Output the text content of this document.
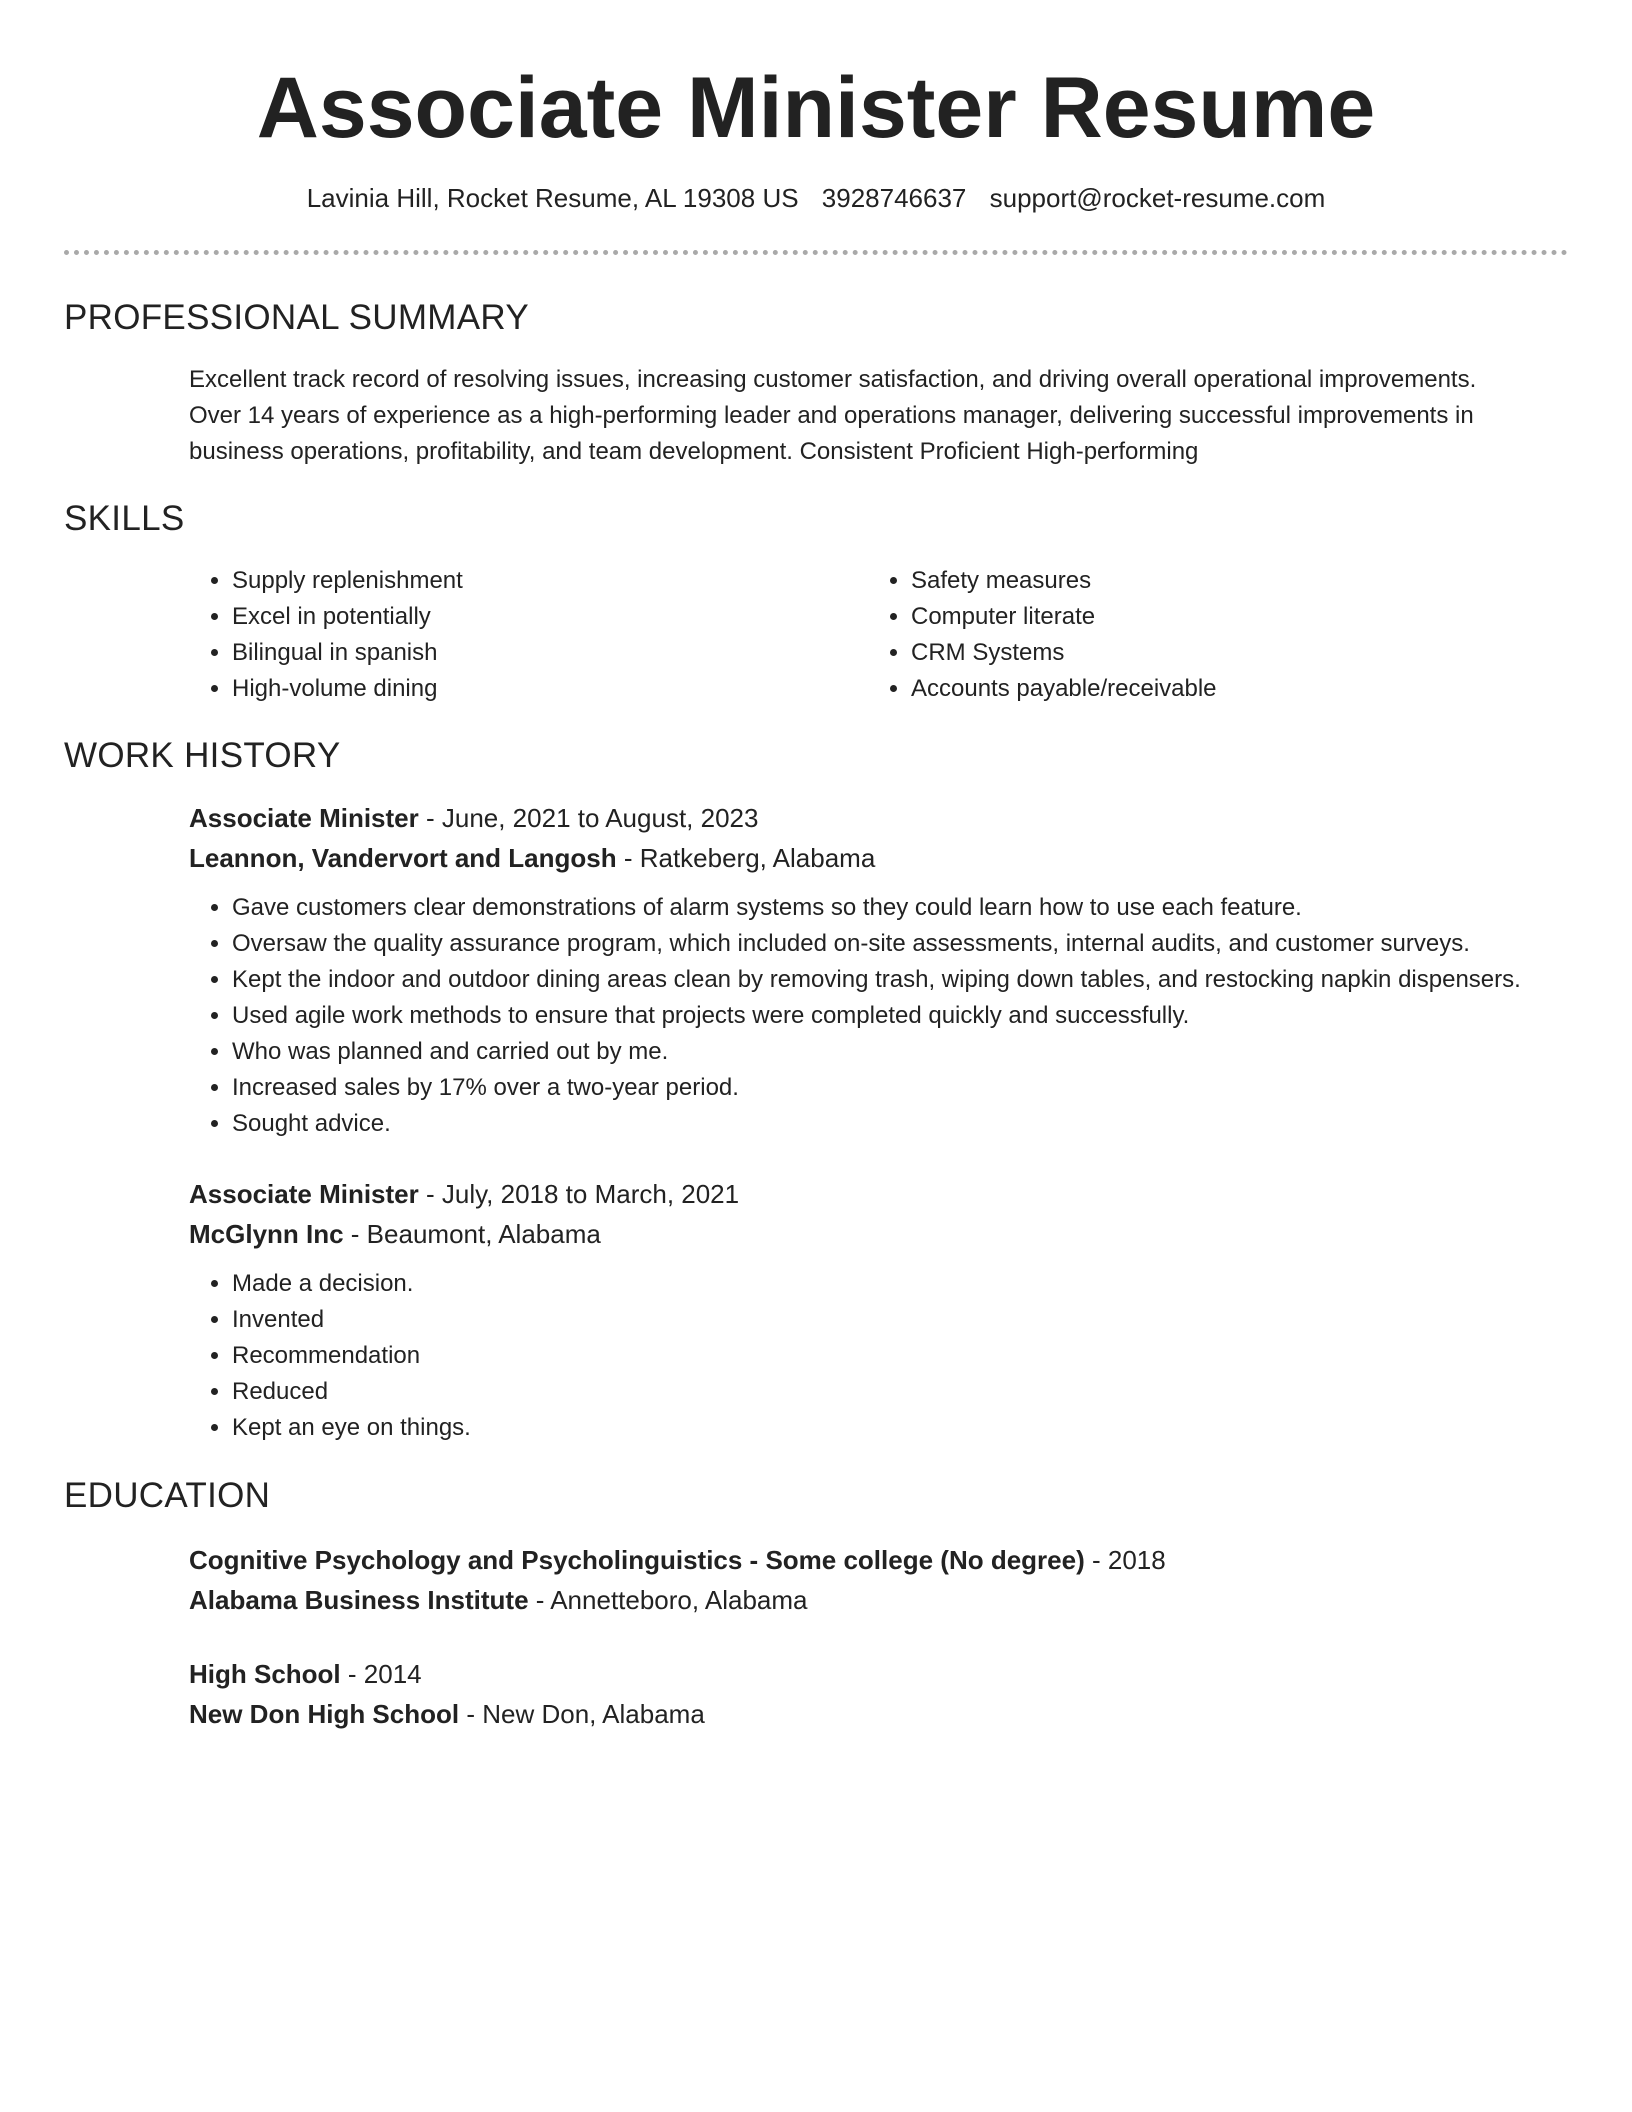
Associate Minister Resume
Lavinia Hill, Rocket Resume, AL 19308 US 3928746637 support@rocket-resume.com
PROFESSIONAL SUMMARY

Excellent track record of resolving issues, increasing customer satisfaction, and driving overall operational improvements.

Over 14 years of experience as a high-performing leader and operations manager, delivering successful improvements in

business operations, profitability, and team development. Consistent Proficient High-performing

SKILLS
• Supply replenishment
• Excel in potentially
• Bilingual in spanish
• High-volume dining
• Safety measures
• Computer literate
• CRM Systems
• Accounts payable/receivable
WORK HISTORY
Associate Minister - June, 2021 to August, 2023
Leannon, Vandervort and Langosh - Ratkeberg, Alabama
• Gave customers clear demonstrations of alarm systems so they could learn how to use each feature.
• Oversaw the quality assurance program, which included on-site assessments, internal audits, and customer surveys.
• Kept the indoor and outdoor dining areas clean by removing trash, wiping down tables, and restocking napkin dispensers.
• Used agile work methods to ensure that projects were completed quickly and successfully.
• Who was planned and carried out by me.
• Increased sales by 17% over a two-year period.
• Sought advice.
Associate Minister - July, 2018 to March, 2021
McGlynn Inc - Beaumont, Alabama
• Made a decision.
• Invented
• Recommendation
• Reduced
• Kept an eye on things.
EDUCATION
Cognitive Psychology and Psycholinguistics - Some college (No degree) - 2018
Alabama Business Institute - Annetteboro, Alabama
High School - 2014
New Don High School - New Don, Alabama
